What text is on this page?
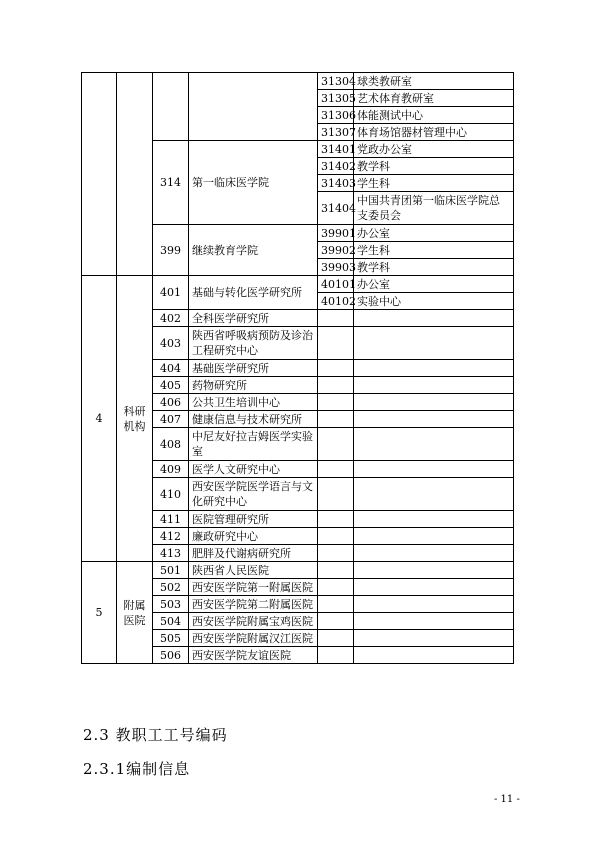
				31304	球类教研室
				31305	艺术体育教研室
				31306	体能测试中心
				31307	体育场馆器材管理中心
		314	第一临床医学院	31401	党政办公室
				31402	教学科
				31403	学生科
				31404	中国共青团第一临床医学院总支委员会
		399	继续教育学院	39901	办公室
				39902	学生科
				39903	教学科
4	科研机构	401	基础与转化医学研究所	40101	办公室
				40102	实验中心
		402	全科医学研究所		
		403	陕西省呼吸病预防及诊治工程研究中心		
		404	基础医学研究所		
		405	药物研究所		
		406	公共卫生培训中心		
		407	健康信息与技术研究所		
		408	中尼友好拉吉姆医学实验室		
		409	医学人文研究中心		
		410	西安医学院医学语言与文化研究中心		
		411	医院管理研究所		
		412	廉政研究中心		
		413	肥胖及代谢病研究所		
5	附属医院	501	陕西省人民医院		
		502	西安医学院第一附属医院		
		503	西安医学院第二附属医院		
		504	西安医学院附属宝鸡医院		
		505	西安医学院附属汉江医院		
		506	西安医学院友谊医院		
2.3 教职工工号编码
2.3.1编制信息
- 11 -
